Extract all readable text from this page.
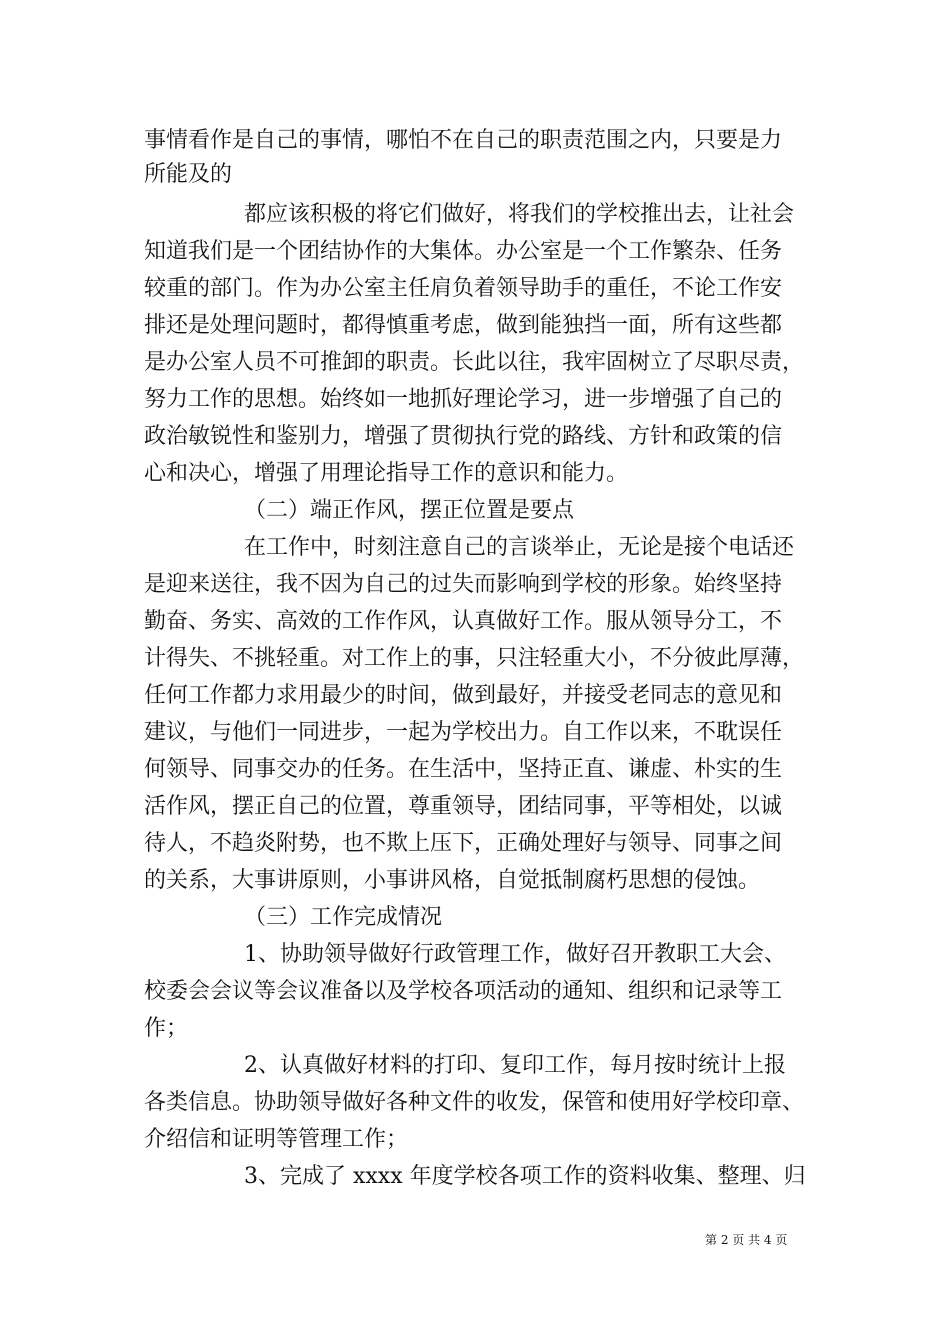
事情看作是自己的事情，哪怕不在自己的职责范围之内，只要是力
所能及的
都应该积极的将它们做好，将我们的学校推出去，让社会
知道我们是一个团结协作的大集体。办公室是一个工作繁杂、任务
较重的部门。作为办公室主任肩负着领导助手的重任，不论工作安
排还是处理问题时，都得慎重考虑，做到能独挡一面，所有这些都
是办公室人员不可推卸的职责。长此以往，我牢固树立了尽职尽责，
努力工作的思想。始终如一地抓好理论学习，进一步增强了自己的
政治敏锐性和鉴别力，增强了贯彻执行党的路线、方针和政策的信
心和决心，增强了用理论指导工作的意识和能力。
（二）端正作风，摆正位置是要点
在工作中，时刻注意自己的言谈举止，无论是接个电话还
是迎来送往，我不因为自己的过失而影响到学校的形象。始终坚持
勤奋、务实、高效的工作作风，认真做好工作。服从领导分工，不
计得失、不挑轻重。对工作上的事，只注轻重大小，不分彼此厚薄，
任何工作都力求用最少的时间，做到最好，并接受老同志的意见和
建议，与他们一同进步，一起为学校出力。自工作以来，不耽误任
何领导、同事交办的任务。在生活中，坚持正直、谦虚、朴实的生
活作风，摆正自己的位置，尊重领导，团结同事，平等相处，以诚
待人，不趋炎附势，也不欺上压下，正确处理好与领导、同事之间
的关系，大事讲原则，小事讲风格，自觉抵制腐朽思想的侵蚀。
（三）工作完成情况
1、协助领导做好行政管理工作，做好召开教职工大会、
校委会会议等会议准备以及学校各项活动的通知、组织和记录等工
作；
2、认真做好材料的打印、复印工作，每月按时统计上报
各类信息。协助领导做好各种文件的收发，保管和使用好学校印章、
介绍信和证明等管理工作；
3、完成了 xxxx 年度学校各项工作的资料收集、整理、归
第 2 页 共 4 页
